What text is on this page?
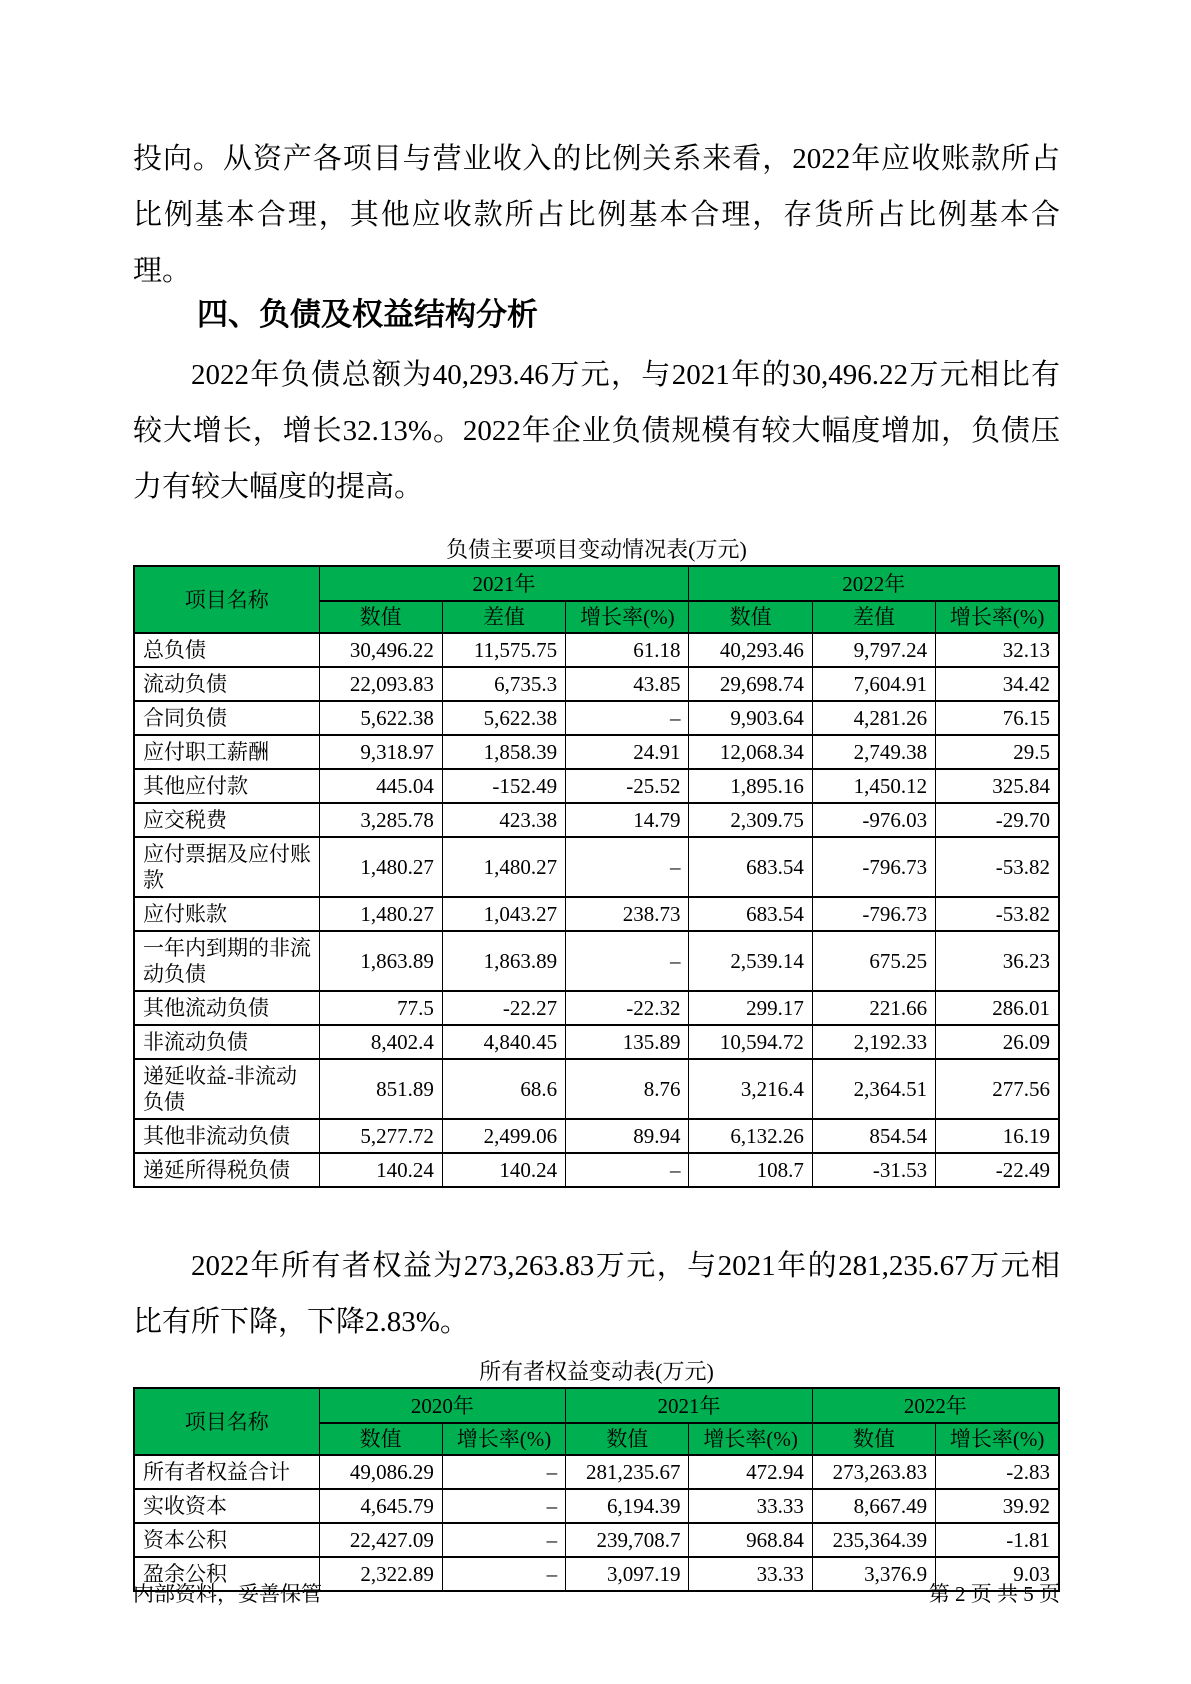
投向。从资产各项目与营业收入的比例关系来看，2022年应收账款所占比例基本合理，其他应收款所占比例基本合理，存货所占比例基本合理。

四、负债及权益结构分析

2022年负债总额为40,293.46万元，与2021年的30,496.22万元相比有较大增长，增长32.13%。2022年企业负债规模有较大幅度增加，负债压力有较大幅度的提高。

负债主要项目变动情况表(万元)
项目名称	2021年			2022年		
	数值	差值	增长率(%)	数值	差值	增长率(%)
总负债	30,496.22	11,575.75	61.18	40,293.46	9,797.24	32.13
流动负债	22,093.83	6,735.3	43.85	29,698.74	7,604.91	34.42
合同负债	5,622.38	5,622.38	–	9,903.64	4,281.26	76.15
应付职工薪酬	9,318.97	1,858.39	24.91	12,068.34	2,749.38	29.5
其他应付款	445.04	-152.49	-25.52	1,895.16	1,450.12	325.84
应交税费	3,285.78	423.38	14.79	2,309.75	-976.03	-29.70
应付票据及应付账款	1,480.27	1,480.27	–	683.54	-796.73	-53.82
应付账款	1,480.27	1,043.27	238.73	683.54	-796.73	-53.82
一年内到期的非流动负债	1,863.89	1,863.89	–	2,539.14	675.25	36.23
其他流动负债	77.5	-22.27	-22.32	299.17	221.66	286.01
非流动负债	8,402.4	4,840.45	135.89	10,594.72	2,192.33	26.09
递延收益-非流动负债	851.89	68.6	8.76	3,216.4	2,364.51	277.56
其他非流动负债	5,277.72	2,499.06	89.94	6,132.26	854.54	16.19
递延所得税负债	140.24	140.24	–	108.7	-31.53	-22.49

2022年所有者权益为273,263.83万元，与2021年的281,235.67万元相比有所下降，下降2.83%。

所有者权益变动表(万元)
项目名称	2020年		2021年		2022年	
	数值	增长率(%)	数值	增长率(%)	数值	增长率(%)
所有者权益合计	49,086.29	–	281,235.67	472.94	273,263.83	-2.83
实收资本	4,645.79	–	6,194.39	33.33	8,667.49	39.92
资本公积	22,427.09	–	239,708.7	968.84	235,364.39	-1.81
盈余公积	2,322.89	–	3,097.19	33.33	3,376.9	9.03
内部资料，妥善保管	第 2 页 共 5 页
